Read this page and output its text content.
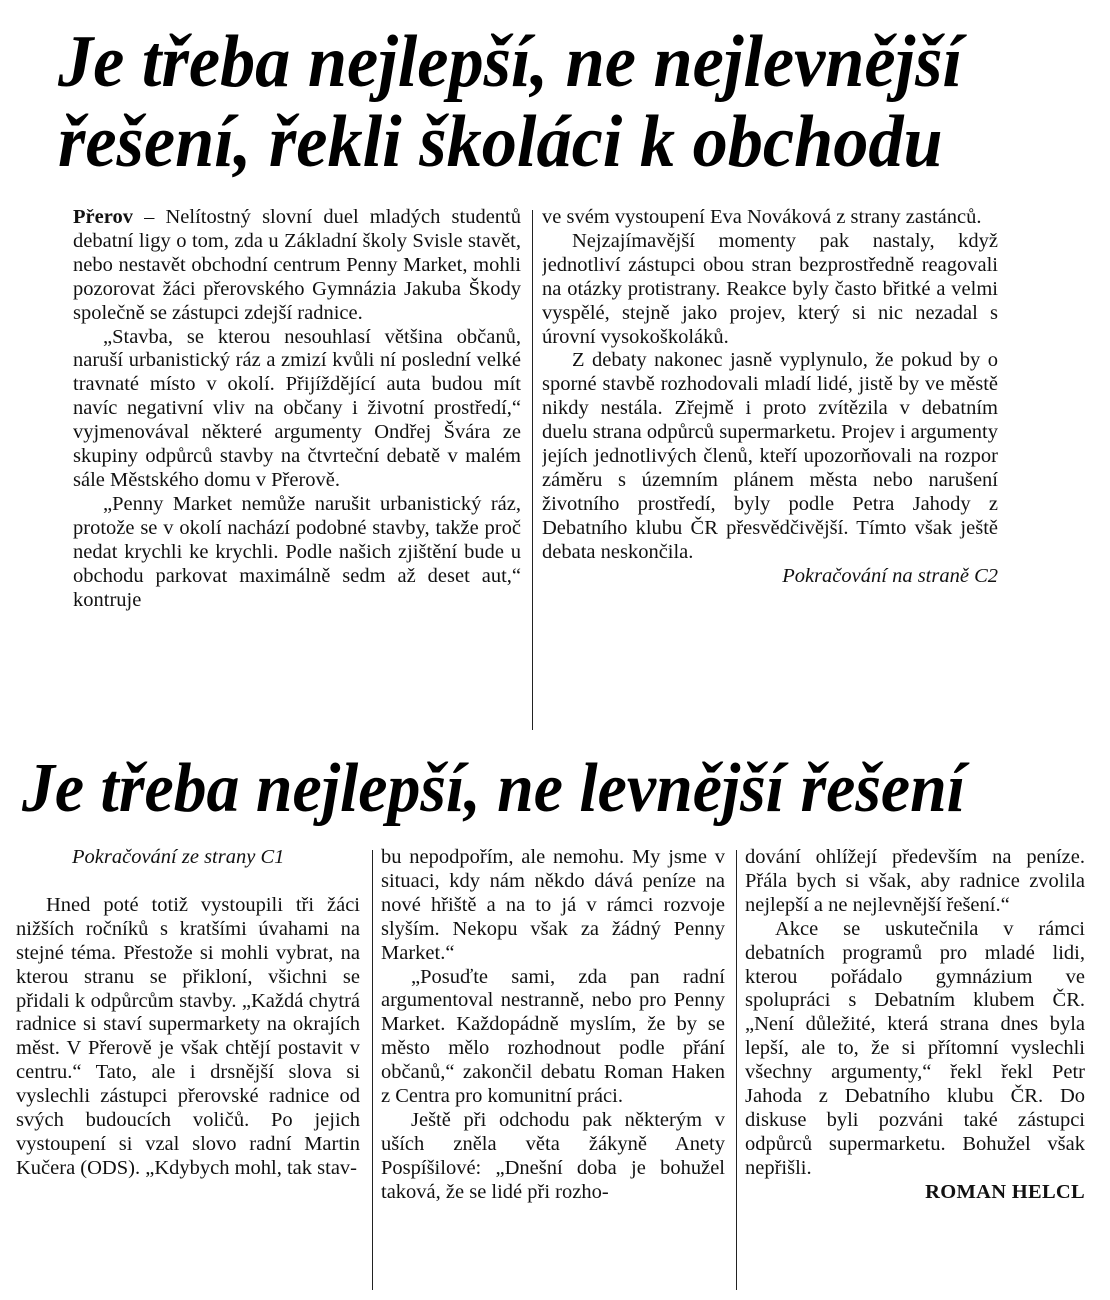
Je třeba nejlepší, ne nejlevnější
řešení, řekli školáci k obchodu

Přerov – Nelítostný slovní duel mladých studentů debatní ligy o tom, zda u Základní školy Svisle stavět, nebo nestavět obchodní centrum Penny Market, mohli pozorovat žáci přerovského Gymnázia Jakuba Škody společně se zástupci zdejší radnice.

„Stavba, se kterou nesouhlasí většina občanů, naruší urbanistický ráz a zmizí kvůli ní poslední velké travnaté místo v okolí. Přijíždějící auta budou mít navíc negativní vliv na občany i životní prostředí,“ vyjmenovával některé argumenty Ondřej Švára ze skupiny odpůrců stavby na čtvrteční debatě v malém sále Městského domu v Přerově.

„Penny Market nemůže narušit urbanistický ráz, protože se v okolí nachází podobné stavby, takže proč nedat krychli ke krychli. Podle našich zjištění bude u obchodu parkovat maximálně sedm až deset aut,“ kontruje

ve svém vystoupení Eva Nováková z strany zastánců.

Nejzajímavější momenty pak nastaly, když jednotliví zástupci obou stran bezprostředně reagovali na otázky protistrany. Reakce byly často břitké a velmi vyspělé, stejně jako projev, který si nic nezadal s úrovní vysokoškoláků.

Z debaty nakonec jasně vyplynulo, že pokud by o sporné stavbě rozhodovali mladí lidé, jistě by ve městě nikdy nestála. Zřejmě i proto zvítězila v debatním duelu strana odpůrců supermarketu. Projev i argumenty jejích jednotlivých členů, kteří upozorňovali na rozpor záměru s územním plánem města nebo narušení životního prostředí, byly podle Petra Jahody z Debatního klubu ČR přesvědčivější. Tímto však ještě debata neskončila.

Pokračování na straně C2

Je třeba nejlepší, ne levnější řešení

Pokračování ze strany C1

Hned poté totiž vystoupili tři žáci nižších ročníků s kratšími úvahami na stejné téma. Přestože si mohli vybrat, na kterou stranu se přikloní, všichni se přidali k odpůrcům stavby. „Každá chytrá radnice si staví supermarkety na okrajích měst. V Přerově je však chtějí postavit v centru.“ Tato, ale i drsnější slova si vyslechli zástupci přerovské radnice od svých budoucích voličů. Po jejich vystoupení si vzal slovo radní Martin Kučera (ODS). „Kdybych mohl, tak stav-

bu nepodpořím, ale nemohu. My jsme v situaci, kdy nám někdo dává peníze na nové hřiště a na to já v rámci rozvoje slyším. Nekopu však za žádný Penny Market.“

„Posuďte sami, zda pan radní argumentoval nestranně, nebo pro Penny Market. Každopádně myslím, že by se město mělo rozhodnout podle přání občanů,“ zakončil debatu Roman Haken z Centra pro komunitní práci.

Ještě při odchodu pak některým v uších zněla věta žákyně Anety Pospíšilové: „Dnešní doba je bohužel taková, že se lidé při rozho-

dování ohlížejí především na peníze. Přála bych si však, aby radnice zvolila nejlepší a ne nejlevnější řešení.“

Akce se uskutečnila v rámci debatních programů pro mladé lidi, kterou pořádalo gymnázium ve spolupráci s Debatním klubem ČR. „Není důležité, která strana dnes byla lepší, ale to, že si přítomní vyslechli všechny argumenty,“ řekl řekl Petr Jahoda z Debatního klubu ČR. Do diskuse byli pozváni také zástupci odpůrců supermarketu. Bohužel však nepřišli.

ROMAN HELCL
